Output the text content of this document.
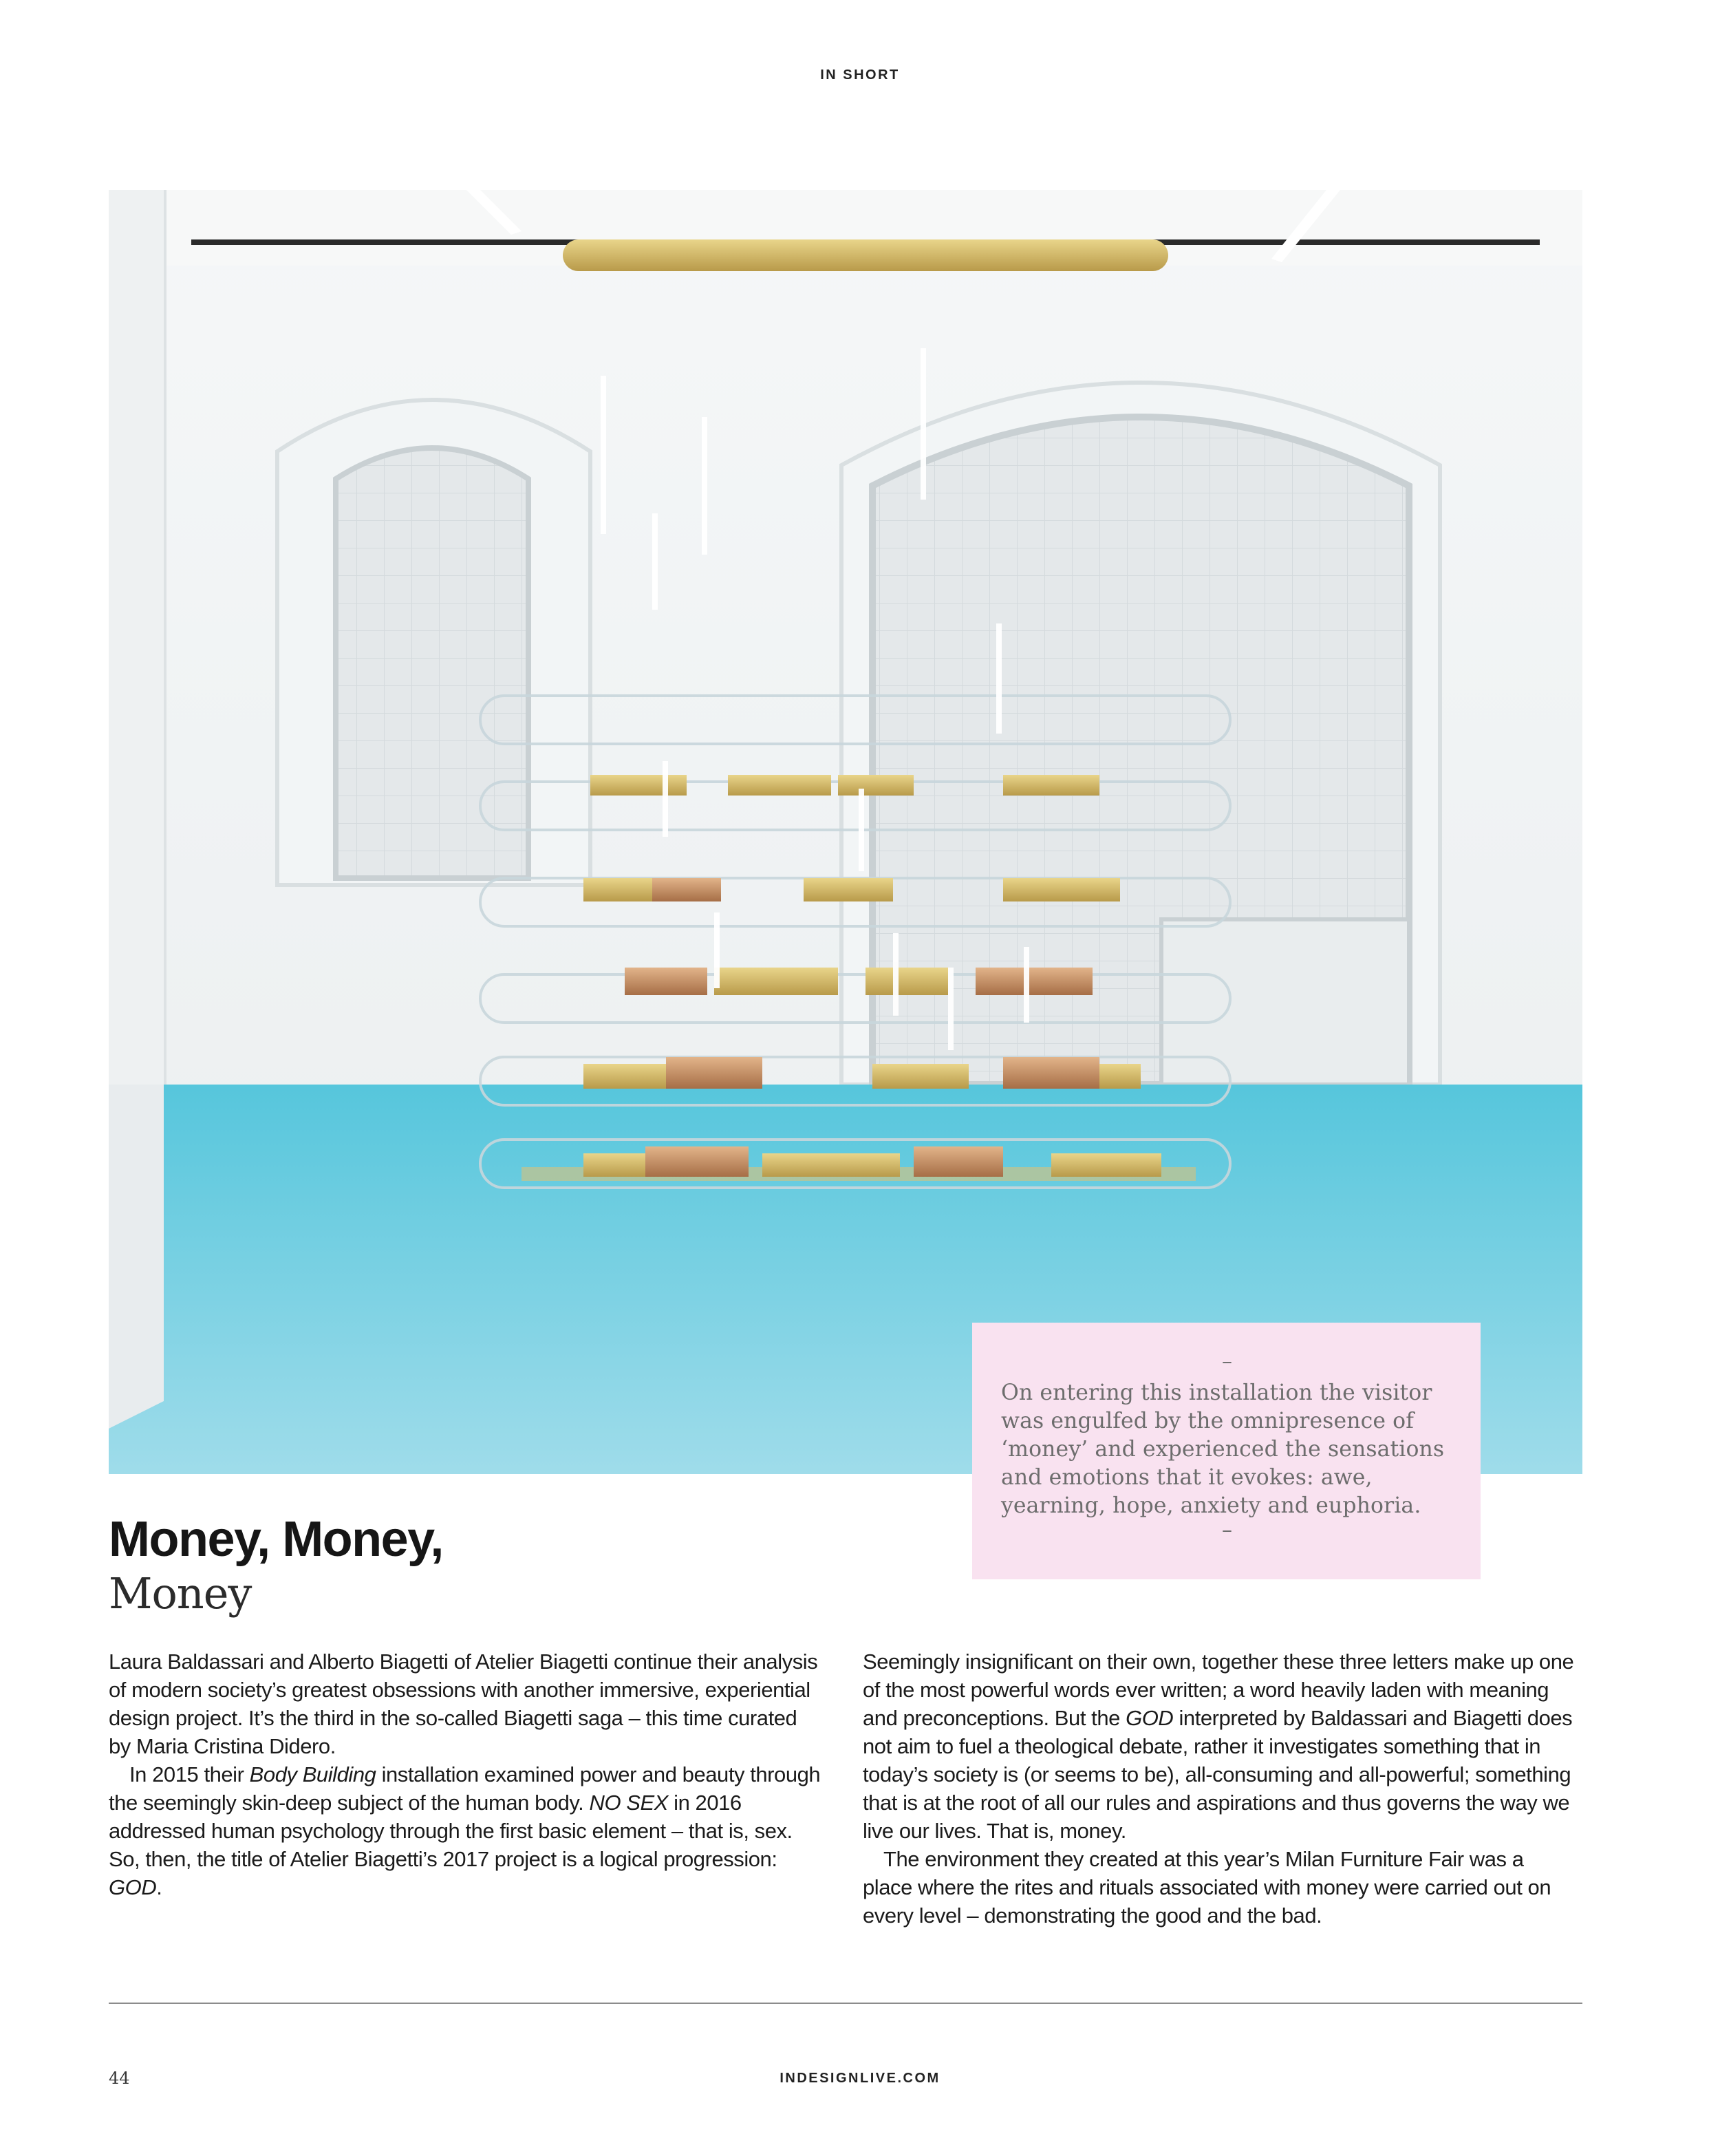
IN SHORT
–
On entering this installation the visitor
was engulfed by the omnipresence of
‘money’ and experienced the sensations
and emotions that it evokes: awe,
yearning, hope, anxiety and euphoria.
–
Money, Money,
Money

Laura Baldassari and Alberto Biagetti of Atelier Biagetti continue their analysis of modern society’s greatest obsessions with another immersive, experiential design project. It’s the third in the so-called Biagetti saga – this time curated by Maria Cristina Didero.

In 2015 their Body Building installation examined power and beauty through the seemingly skin-deep subject of the human body. NO SEX in 2016 addressed human psychology through the first basic element – that is, sex. So, then, the title of Atelier Biagetti’s 2017 project is a logical progression: GOD.

Seemingly insignificant on their own, together these three letters make up one of the most powerful words ever written; a word heavily laden with meaning and preconceptions. But the GOD interpreted by Baldassari and Biagetti does not aim to fuel a theological debate, rather it investigates something that in today’s society is (or seems to be), all-consuming and all-powerful; something that is at the root of all our rules and aspirations and thus governs the way we live our lives. That is, money.

The environment they created at this year’s Milan Furniture Fair was a place where the rites and rituals associated with money were carried out on every level – demonstrating the good and the bad.

44	INDESIGNLIVE.COM
